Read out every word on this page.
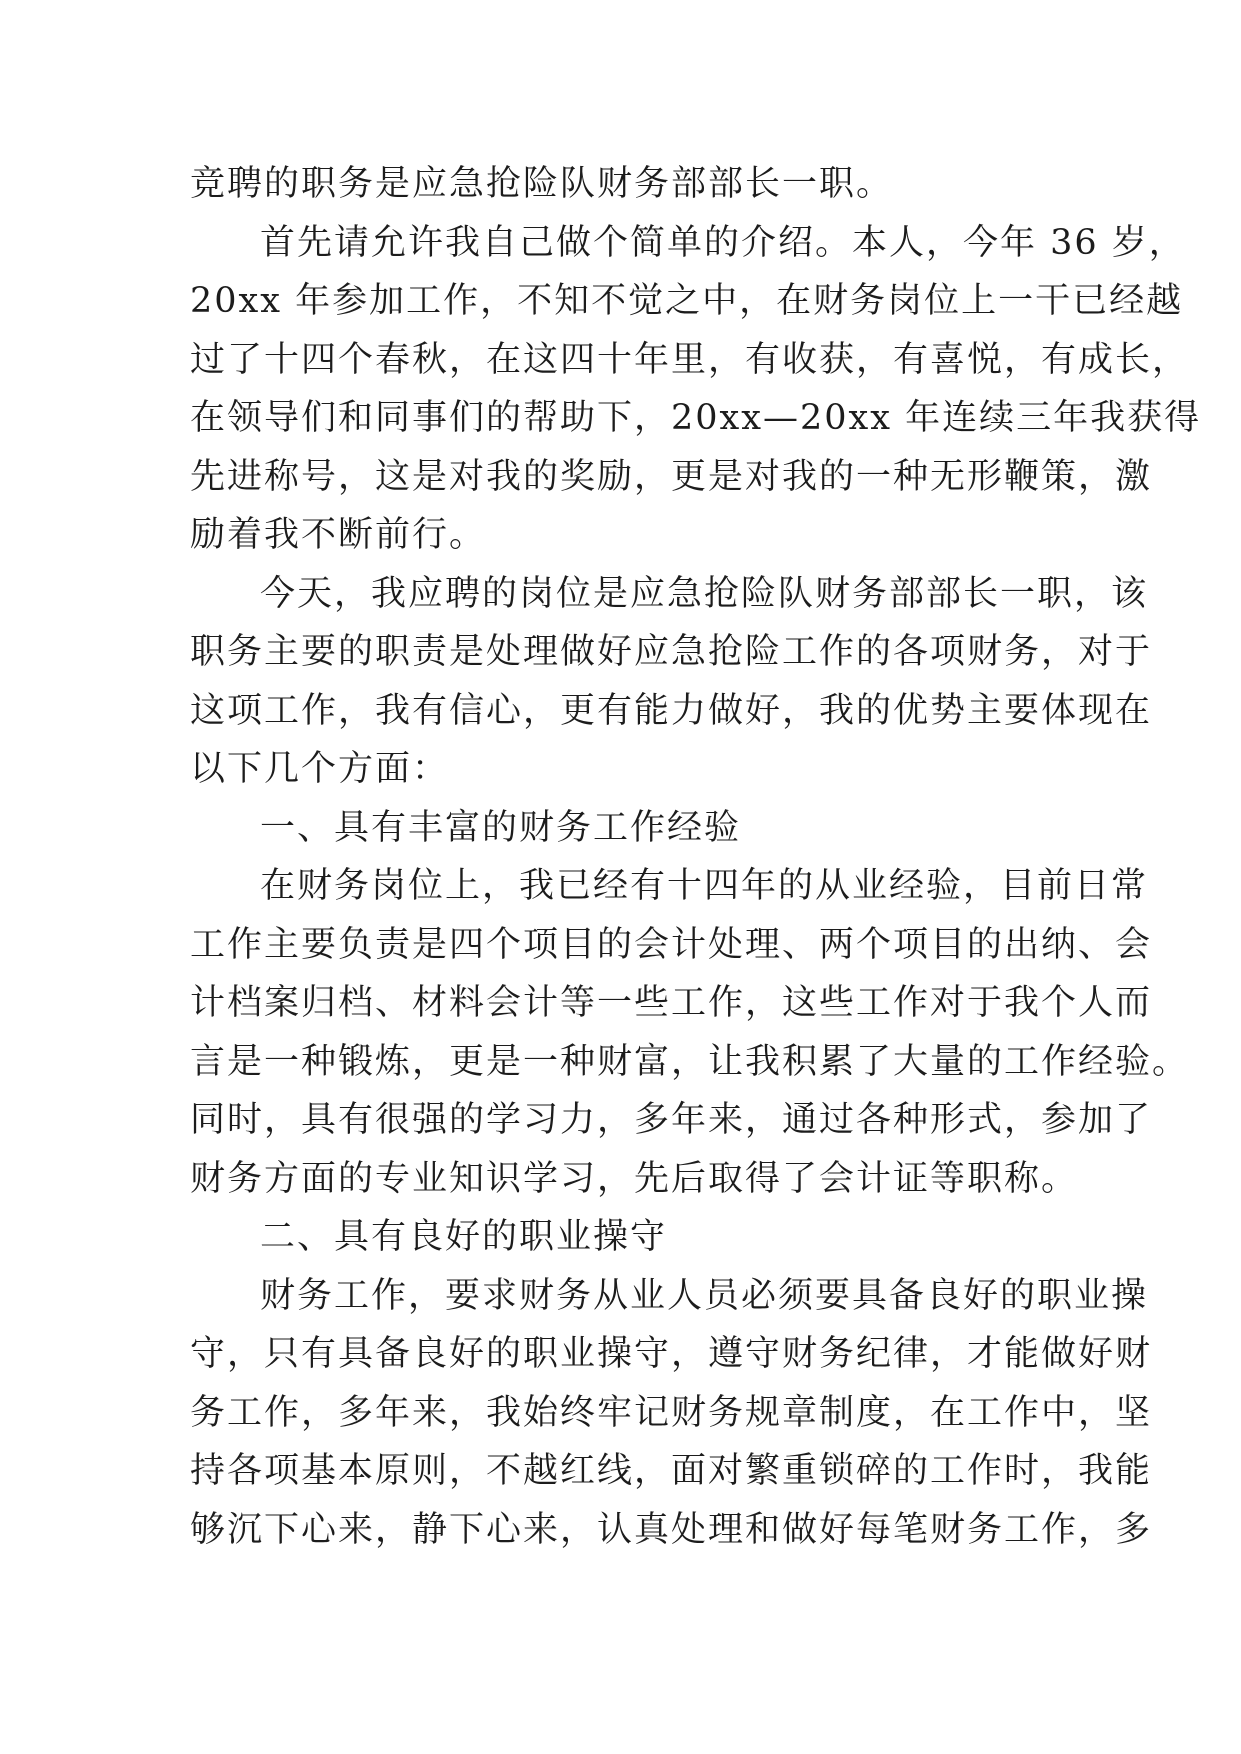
竞聘的职务是应急抢险队财务部部长一职。
首先请允许我自己做个简单的介绍。本人，今年 36 岁，
20xx 年参加工作，不知不觉之中，在财务岗位上一干已经越
过了十四个春秋，在这四十年里，有收获，有喜悦，有成长，
在领导们和同事们的帮助下，20xx—20xx 年连续三年我获得
先进称号，这是对我的奖励，更是对我的一种无形鞭策，激
励着我不断前行。
今天，我应聘的岗位是应急抢险队财务部部长一职，该
职务主要的职责是处理做好应急抢险工作的各项财务，对于
这项工作，我有信心，更有能力做好，我的优势主要体现在
以下几个方面：
一、具有丰富的财务工作经验
在财务岗位上，我已经有十四年的从业经验，目前日常
工作主要负责是四个项目的会计处理、两个项目的出纳、会
计档案归档、材料会计等一些工作，这些工作对于我个人而
言是一种锻炼，更是一种财富，让我积累了大量的工作经验。
同时，具有很强的学习力，多年来，通过各种形式，参加了
财务方面的专业知识学习，先后取得了会计证等职称。
二、具有良好的职业操守
财务工作，要求财务从业人员必须要具备良好的职业操
守，只有具备良好的职业操守，遵守财务纪律，才能做好财
务工作，多年来，我始终牢记财务规章制度，在工作中，坚
持各项基本原则，不越红线，面对繁重锁碎的工作时，我能
够沉下心来，静下心来，认真处理和做好每笔财务工作，多
